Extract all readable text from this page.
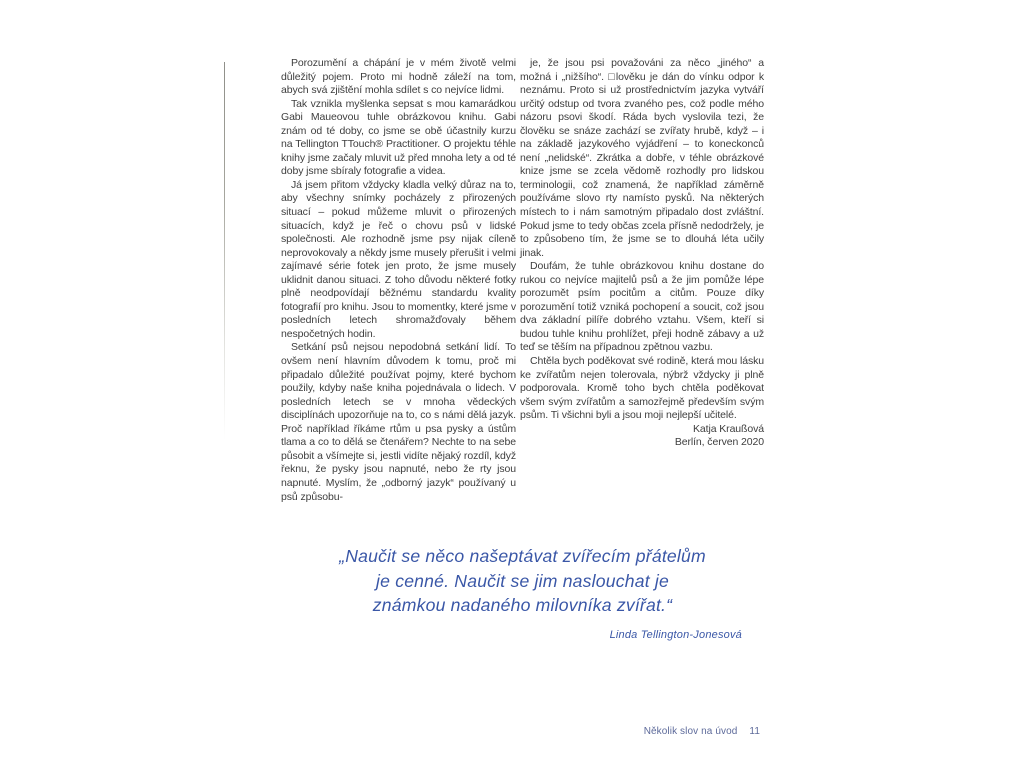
Porozumění a chápání je v mém životě velmi důležitý pojem. Proto mi hodně záleží na tom, abych svá zjištění mohla sdílet s co nejvíce lidmi.

Tak vznikla myšlenka sepsat s mou kamarádkou Gabi Maueovou tuhle obrázkovou knihu. Gabi znám od té doby, co jsme se obě účastnily kurzu na Tellington TTouch® Practitioner. O projektu téhle knihy jsme začaly mluvit už před mnoha lety a od té doby jsme sbíraly fotografie a videa.

Já jsem přitom vždycky kladla velký důraz na to, aby všechny snímky pocházely z přirozených situací – pokud můžeme mluvit o přirozených situacích, když je řeč o chovu psů v lidské společnosti. Ale rozhodně jsme psy nijak cíleně neprovokovaly a někdy jsme musely přerušit i velmi zajímavé série fotek jen proto, že jsme musely uklidnit danou situaci. Z toho důvodu některé fotky plně neodpovídají běžnému standardu kvality fotografií pro knihu. Jsou to momentky, které jsme v posledních letech shromažďovaly během nespočetných hodin.

Setkání psů nejsou nepodobná setkání lidí. To ovšem není hlavním důvodem k tomu, proč mi připadalo důležité používat pojmy, které bychom použily, kdyby naše kniha pojednávala o lidech. V posledních letech se v mnoha vědeckých disciplínách upozorňuje na to, co s námi dělá jazyk. Proč například říkáme rtům u psa pysky a ústům tlama a co to dělá se čtenářem? Nechte to na sebe působit a všímejte si, jestli vidíte nějaký rozdíl, když řeknu, že pysky jsou napnuté, nebo že rty jsou napnuté. Myslím, že „odborný jazyk“ používaný u psů způsobu-

je, že jsou psi považováni za něco „jiného“ a možná i „nižšího“. □lověku je dán do vínku odpor k neznámu. Proto si už prostřednictvím jazyka vytváří určitý odstup od tvora zvaného pes, což podle mého názoru psovi škodí. Ráda bych vyslovila tezi, že člověku se snáze zachází se zvířaty hrubě, když – i na základě jazykového vyjádření – to koneckonců není „nelidské“. Zkrátka a dobře, v téhle obrázkové knize jsme se zcela vědomě rozhodly pro lidskou terminologii, což znamená, že například záměrně používáme slovo rty namísto pysků. Na některých místech to i nám samotným připadalo dost zvláštní. Pokud jsme to tedy občas zcela přísně nedodržely, je to způsobeno tím, že jsme se to dlouhá léta učily jinak.

Doufám, že tuhle obrázkovou knihu dostane do rukou co nejvíce majitelů psů a že jim pomůže lépe porozumět psím pocitům a citům. Pouze díky porozumění totiž vzniká pochopení a soucit, což jsou dva základní pilíře dobrého vztahu. Všem, kteří si budou tuhle knihu prohlížet, přeji hodně zábavy a už teď se těším na případnou zpětnou vazbu.

Chtěla bych poděkovat své rodině, která mou lásku ke zvířatům nejen tolerovala, nýbrž vždycky ji plně podporovala. Kromě toho bych chtěla poděkovat všem svým zvířatům a samozřejmě především svým psům. Ti všichni byli a jsou moji nejlepší učitelé.

Katja Kraußová
Berlín, červen 2020

„Naučit se něco našeptávat zvířecím přátelům
je cenné. Naučit se jim naslouchat je
známkou nadaného milovníka zvířat.“
Linda Tellington-Jonesová
Několik slov na úvod 11
